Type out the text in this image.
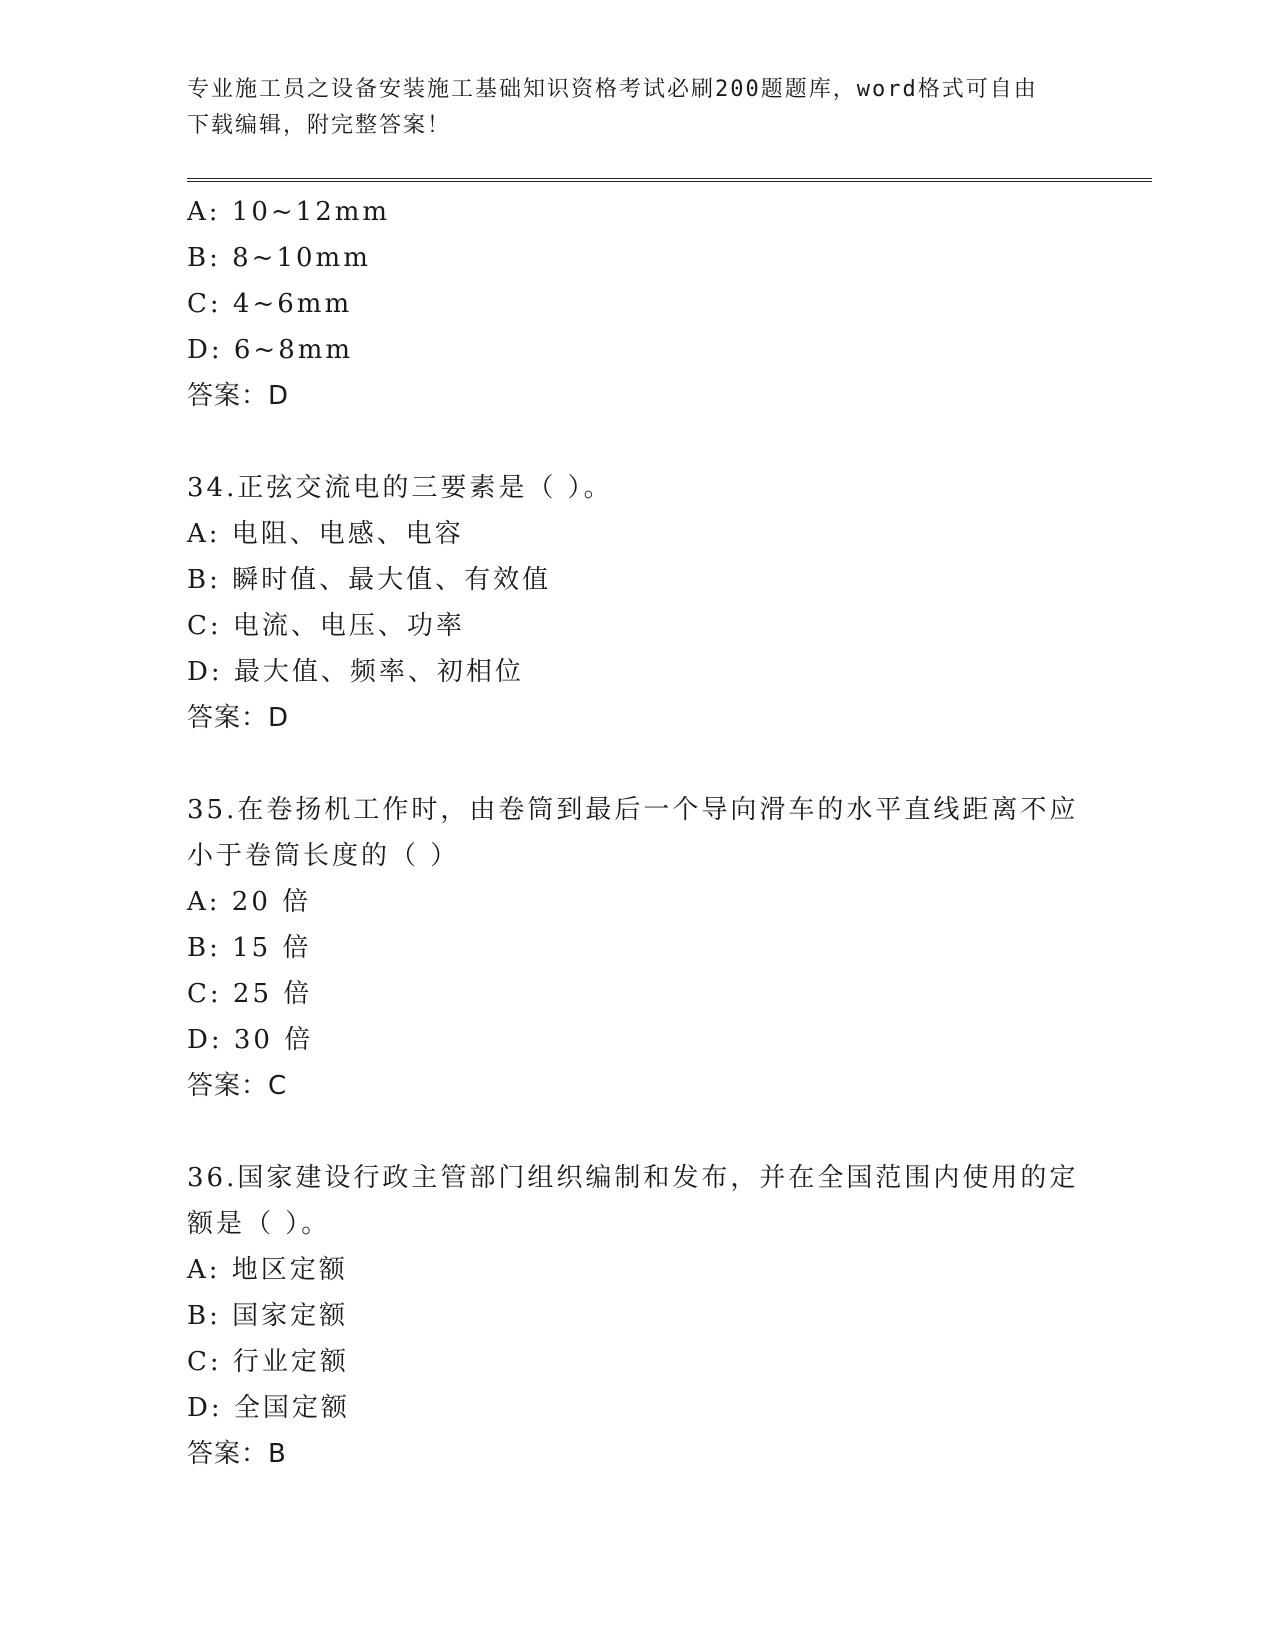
专业施工员之设备安装施工基础知识资格考试必刷200题题库，word格式可自由
下载编辑，附完整答案！
A: 10~12mm
B: 8~10mm
C: 4~6mm
D: 6~8mm
答案：D
34.正弦交流电的三要素是（ ）。
A: 电阻、电感、电容
B: 瞬时值、最大值、有效值
C: 电流、电压、功率
D: 最大值、频率、初相位
答案：D
35.在卷扬机工作时，由卷筒到最后一个导向滑车的水平直线距离不应
小于卷筒长度的（ ）
A: 20 倍
B: 15 倍
C: 25 倍
D: 30 倍
答案：C
36.国家建设行政主管部门组织编制和发布，并在全国范围内使用的定
额是（ ）。
A: 地区定额
B: 国家定额
C: 行业定额
D: 全国定额
答案：B
